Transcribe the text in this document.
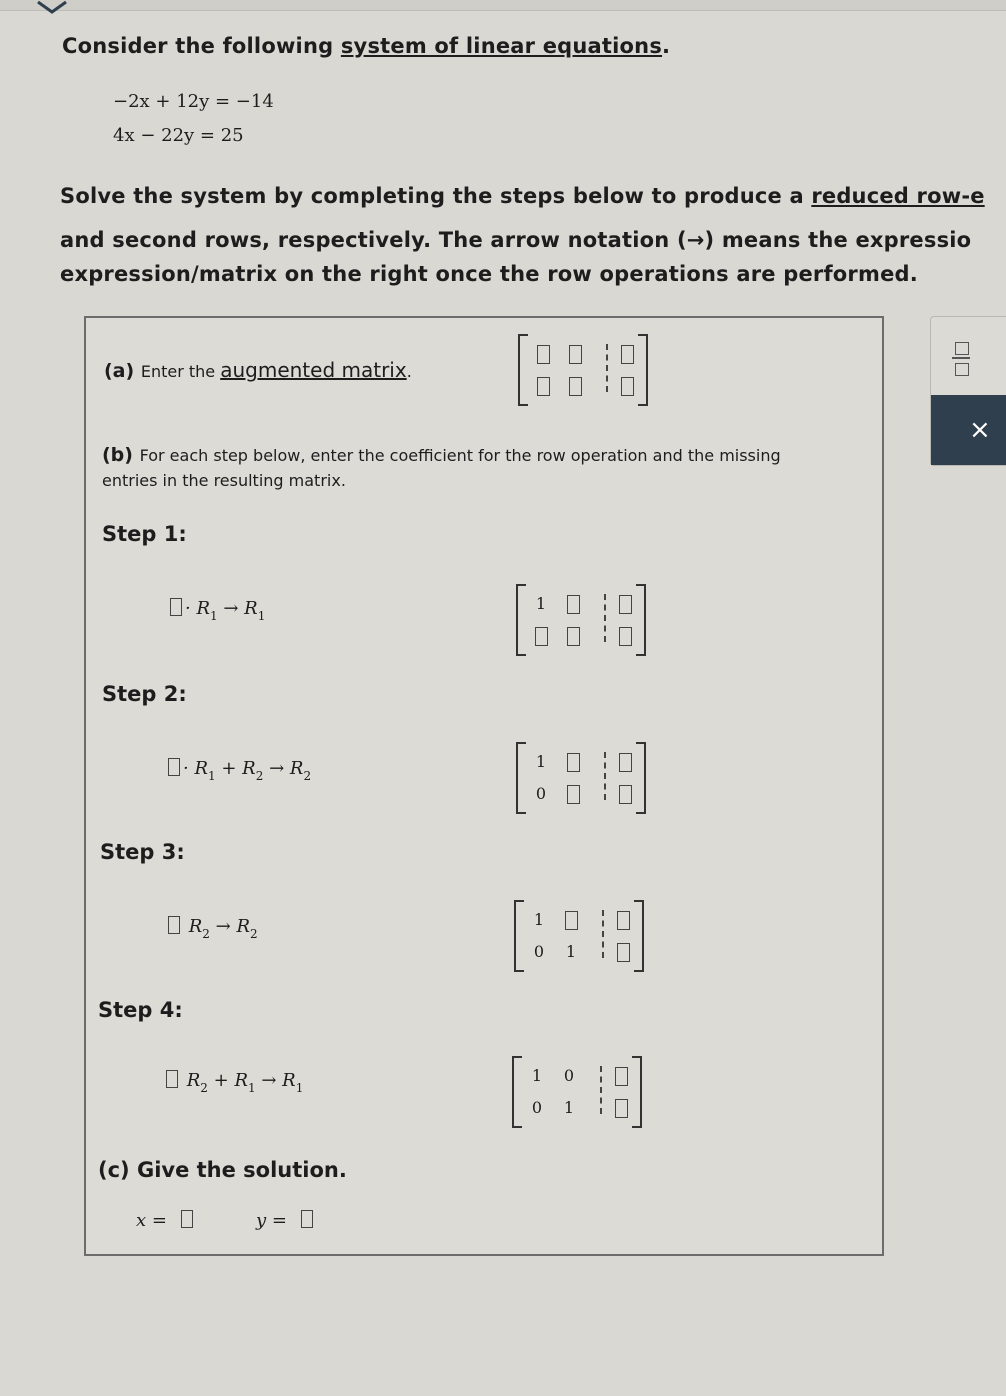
Consider the following system of linear equations.
−2x + 12y = −14
4x − 22y = 25
Solve the system by completing the steps below to produce a reduced row-e
and second rows, respectively. The arrow notation (→) means the expressio
expression/matrix on the right once the row operations are performed.
(a) Enter the augmented matrix.
(b) For each step below, enter the coefficient for the row operation and the missing
entries in the resulting matrix.
Step 1:
· $R_1 \to R_1$
1
Step 2:
· $R_1 + R_2 \to R_2$
1
0
Step 3:
$R_2 \to R_2$
1
0 1
Step 4:
$R_2 + R_1 \to R_1$
1 0
0 1
(c) Give the solution.
x =	y =
×
